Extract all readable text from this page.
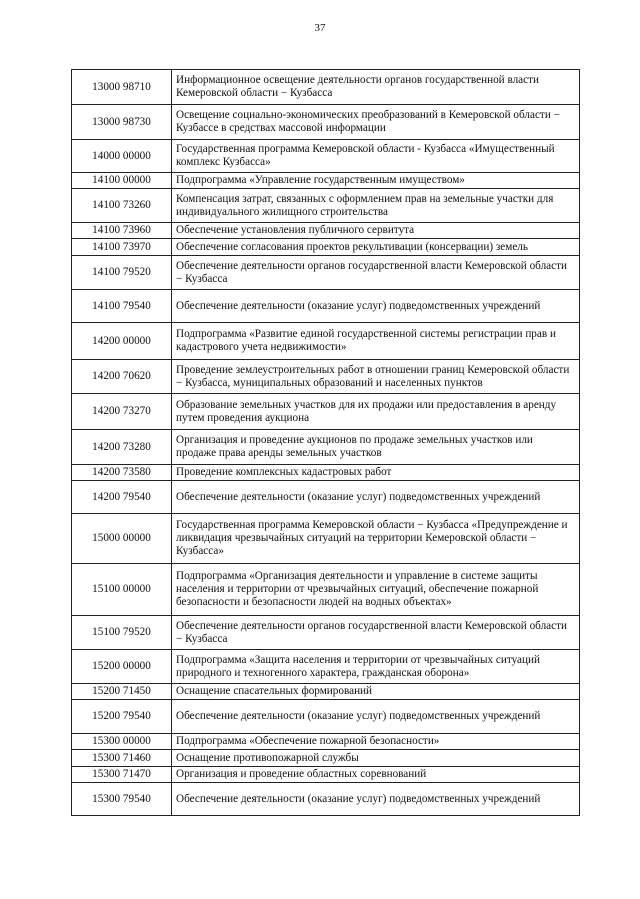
37
13000 98710	Информационное освещение деятельности органов государственной власти Кемеровской области − Кузбасса
13000 98730	Освещение социально-экономических преобразований в Кемеровской области − Кузбассе в средствах массовой информации
14000 00000	Государственная программа Кемеровской области - Кузбасса «Имущественный комплекс Кузбасса»
14100 00000	Подпрограмма «Управление государственным имуществом»
14100 73260	Компенсация затрат, связанных с оформлением прав на земельные участки для индивидуального жилищного строительства
14100 73960	Обеспечение установления публичного сервитута
14100 73970	Обеспечение согласования проектов рекультивации (консервации) земель
14100 79520	Обеспечение деятельности органов государственной власти Кемеровской области − Кузбасса
14100 79540	Обеспечение деятельности (оказание услуг) подведомственных учреждений
14200 00000	Подпрограмма «Развитие единой государственной системы регистрации прав и кадастрового учета недвижимости»
14200 70620	Проведение землеустроительных работ в отношении границ Кемеровской области − Кузбасса, муниципальных образований и населенных пунктов
14200 73270	Образование земельных участков для их продажи или предоставления в аренду путем проведения аукциона
14200 73280	Организация и проведение аукционов по продаже земельных участков или продаже права аренды земельных участков
14200 73580	Проведение комплексных кадастровых работ
14200 79540	Обеспечение деятельности (оказание услуг) подведомственных учреждений
15000 00000	Государственная программа Кемеровской области − Кузбасса «Предупреждение и ликвидация чрезвычайных ситуаций на территории Кемеровской области − Кузбасса»
15100 00000	Подпрограмма «Организация деятельности и управление в системе защиты населения и территории от чрезвычайных ситуаций, обеспечение пожарной безопасности и безопасности людей на водных объектах»
15100 79520	Обеспечение деятельности органов государственной власти Кемеровской области − Кузбасса
15200 00000	Подпрограмма «Защита населения и территории от чрезвычайных ситуаций природного и техногенного характера, гражданская оборона»
15200 71450	Оснащение спасательных формирований
15200 79540	Обеспечение деятельности (оказание услуг) подведомственных учреждений
15300 00000	Подпрограмма «Обеспечение пожарной безопасности»
15300 71460	Оснащение противопожарной службы
15300 71470	Организация и проведение областных соревнований
15300 79540	Обеспечение деятельности (оказание услуг) подведомственных учреждений
